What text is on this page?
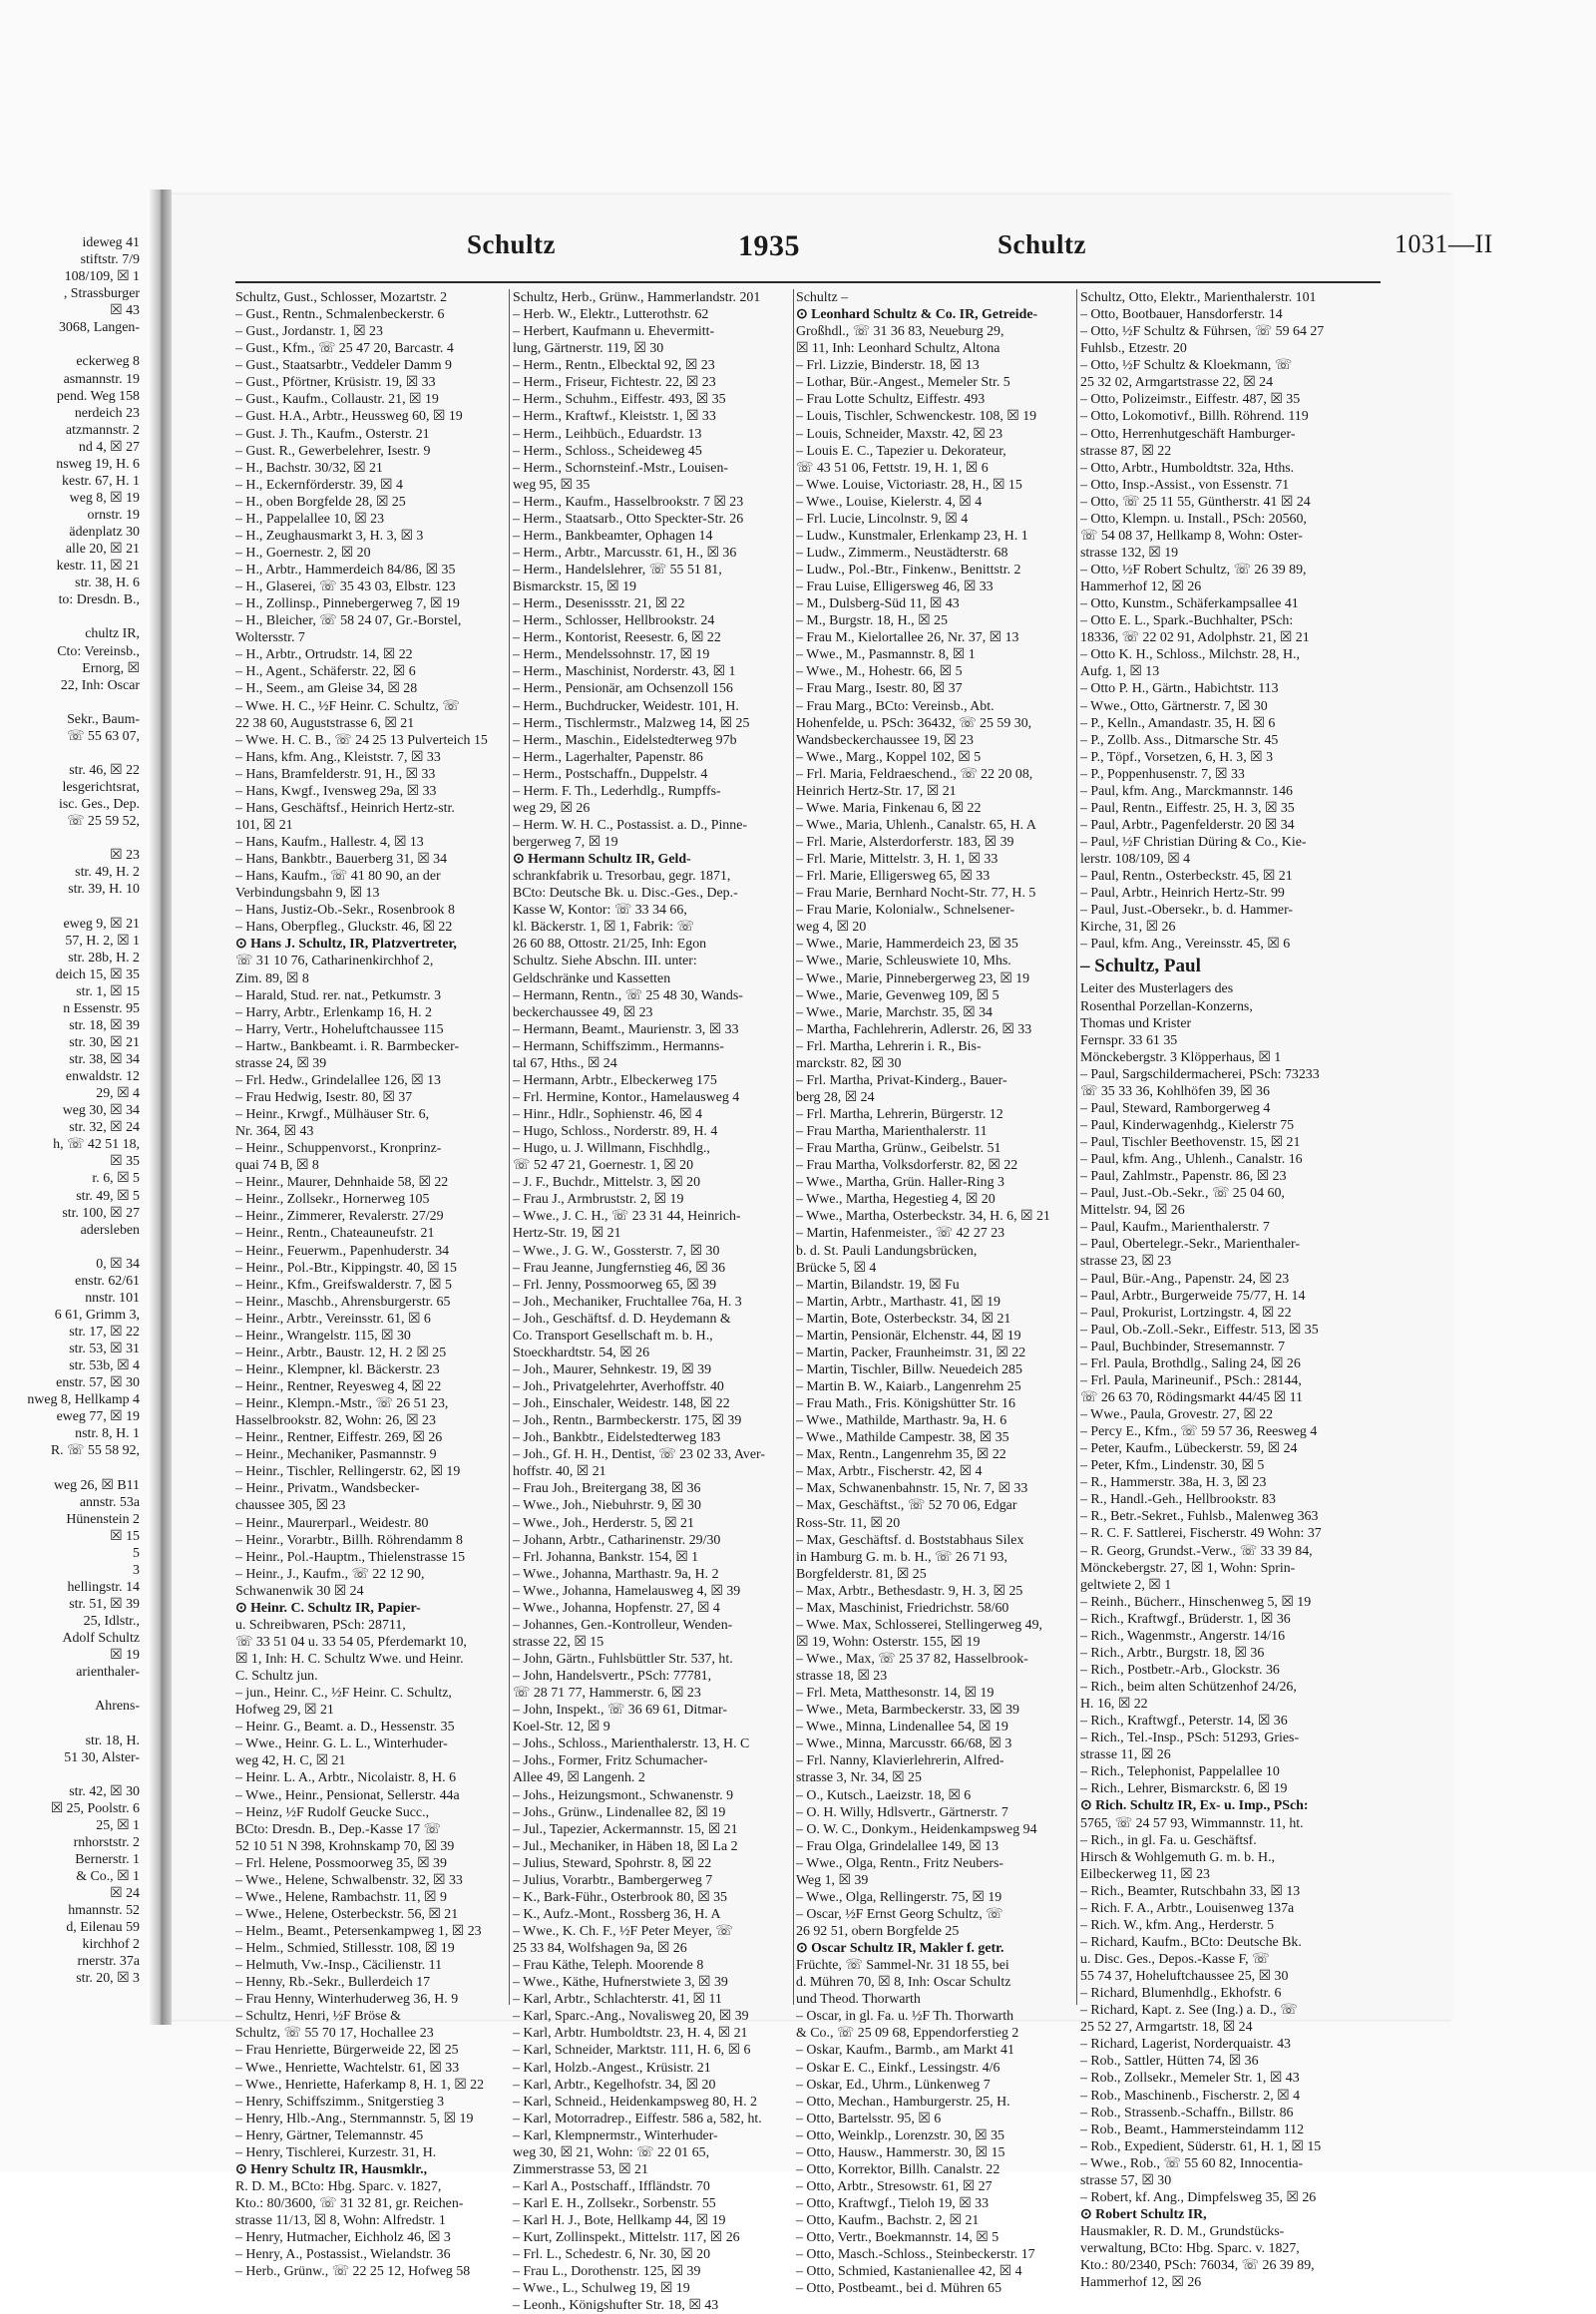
ideweg 41
stiftstr. 7/9
108/109, ☒ 1
, Strassburger
☒ 43
3068, Langen-

eckerweg 8
asmannstr. 19
pend. Weg 158
nerdeich 23
atzmannstr. 2
nd 4, ☒ 27
nsweg 19, H. 6
kestr. 67, H. 1
weg 8, ☒ 19
ornstr. 19
ädenplatz 30
alle 20, ☒ 21
kestr. 11, ☒ 21
str. 38, H. 6
to: Dresdn. B.,

chultz IR,
Cto: Vereinsb.,
Ernorg, ☒
22, Inh: Oscar

Sekr., Baum-
☏ 55 63 07,

str. 46, ☒ 22
lesgerichtsrat,
isc. Ges., Dep.
☏ 25 59 52,

☒ 23
str. 49, H. 2
str. 39, H. 10

eweg 9, ☒ 21
57, H. 2, ☒ 1
str. 28b, H. 2
deich 15, ☒ 35
str. 1, ☒ 15
n Essenstr. 95
str. 18, ☒ 39
str. 30, ☒ 21
str. 38, ☒ 34
enwaldstr. 12
29, ☒ 4
weg 30, ☒ 34
str. 32, ☒ 24
h, ☏ 42 51 18,
☒ 35
r. 6, ☒ 5
str. 49, ☒ 5
str. 100, ☒ 27
adersleben

0, ☒ 34
enstr. 62/61
nnstr. 101
6 61, Grimm 3,
str. 17, ☒ 22
str. 53, ☒ 31
str. 53b, ☒ 4
enstr. 57, ☒ 30
nweg 8, Hellkamp 4
eweg 77, ☒ 19
nstr. 8, H. 1
R. ☏ 55 58 92,

weg 26, ☒ B11
annstr. 53a
Hünenstein 2
☒ 15
5
3
hellingstr. 14
str. 51, ☒ 39
25, Idlstr.,
Adolf Schultz
☒ 19
arienthaler-

Ahrens-

str. 18, H.
51 30, Alster-

str. 42, ☒ 30
☒ 25, Poolstr. 6
25, ☒ 1
rnhorststr. 2
Bernerstr. 1
& Co., ☒ 1
☒ 24
hmannstr. 52
d, Eilenau 59
kirchhof 2
rnerstr. 37a
str. 20, ☒ 3
Schultz	1935	Schultz	1031—II
Schultz, Gust., Schlosser, Mozartstr. 2
– Gust., Rentn., Schmalenbeckerstr. 6
– Gust., Jordanstr. 1, ☒ 23
– Gust., Kfm., ☏ 25 47 20, Barcastr. 4
– Gust., Staatsarbtr., Veddeler Damm 9
– Gust., Pförtner, Krüsistr. 19, ☒ 33
– Gust., Kaufm., Collaustr. 21, ☒ 19
– Gust. H.A., Arbtr., Heussweg 60, ☒ 19
– Gust. J. Th., Kaufm., Osterstr. 21
– Gust. R., Gewerbelehrer, Isestr. 9
– H., Bachstr. 30/32, ☒ 21
– H., Eckernförderstr. 39, ☒ 4
– H., oben Borgfelde 28, ☒ 25
– H., Pappelallee 10, ☒ 23
– H., Zeughausmarkt 3, H. 3, ☒ 3
– H., Goernestr. 2, ☒ 20
– H., Arbtr., Hammerdeich 84/86, ☒ 35
– H., Glaserei, ☏ 35 43 03, Elbstr. 123
– H., Zollinsp., Pinnebergerweg 7, ☒ 19
– H., Bleicher, ☏ 58 24 07, Gr.-Borstel,
Woltersstr. 7
– H., Arbtr., Ortrudstr. 14, ☒ 22
– H., Agent., Schäferstr. 22, ☒ 6
– H., Seem., am Gleise 34, ☒ 28
– Wwe. H. C., ½F Heinr. C. Schultz, ☏
22 38 60, Auguststrasse 6, ☒ 21
– Wwe. H. C. B., ☏ 24 25 13 Pulverteich 15
– Hans, kfm. Ang., Kleiststr. 7, ☒ 33
– Hans, Bramfelderstr. 91, H., ☒ 33
– Hans, Kwgf., Ivensweg 29a, ☒ 33
– Hans, Geschäftsf., Heinrich Hertz-str.
101, ☒ 21
– Hans, Kaufm., Hallestr. 4, ☒ 13
– Hans, Bankbtr., Bauerberg 31, ☒ 34
– Hans, Kaufm., ☏ 41 80 90, an der
Verbindungsbahn 9, ☒ 13
– Hans, Justiz-Ob.-Sekr., Rosenbrook 8
– Hans, Oberpfleg., Gluckstr. 46, ☒ 22
⊙ Hans J. Schultz, IR, Platzvertreter,
☏ 31 10 76, Catharinenkirchhof 2,
Zim. 89, ☒ 8
– Harald, Stud. rer. nat., Petkumstr. 3
– Harry, Arbtr., Erlenkamp 16, H. 2
– Harry, Vertr., Hoheluftchaussee 115
– Hartw., Bankbeamt. i. R. Barmbecker-
strasse 24, ☒ 39
– Frl. Hedw., Grindelallee 126, ☒ 13
– Frau Hedwig, Isestr. 80, ☒ 37
– Heinr., Krwgf., Mülhäuser Str. 6,
Nr. 364, ☒ 43
– Heinr., Schuppenvorst., Kronprinz-
quai 74 B, ☒ 8
– Heinr., Maurer, Dehnhaide 58, ☒ 22
– Heinr., Zollsekr., Hornerweg 105
– Heinr., Zimmerer, Revalerstr. 27/29
– Heinr., Rentn., Chateauneufstr. 21
– Heinr., Feuerwm., Papenhuderstr. 34
– Heinr., Pol.-Btr., Kippingstr. 40, ☒ 15
– Heinr., Kfm., Greifswalderstr. 7, ☒ 5
– Heinr., Maschb., Ahrensburgerstr. 65
– Heinr., Arbtr., Vereinsstr. 61, ☒ 6
– Heinr., Wrangelstr. 115, ☒ 30
– Heinr., Arbtr., Baustr. 12, H. 2 ☒ 25
– Heinr., Klempner, kl. Bäckerstr. 23
– Heinr., Rentner, Reyesweg 4, ☒ 22
– Heinr., Klempn.-Mstr., ☏ 26 51 23,
Hasselbrookstr. 82, Wohn: 26, ☒ 23
– Heinr., Rentner, Eiffestr. 269, ☒ 26
– Heinr., Mechaniker, Pasmannstr. 9
– Heinr., Tischler, Rellingerstr. 62, ☒ 19
– Heinr., Privatm., Wandsbecker-
chaussee 305, ☒ 23
– Heinr., Maurerparl., Weidestr. 80
– Heinr., Vorarbtr., Billh. Röhrendamm 8
– Heinr., Pol.-Hauptm., Thielenstrasse 15
– Heinr., J., Kaufm., ☏ 22 12 90,
Schwanenwik 30 ☒ 24
⊙ Heinr. C. Schultz IR, Papier-
u. Schreibwaren, PSch: 28711,
☏ 33 51 04 u. 33 54 05, Pferdemarkt 10,
☒ 1, Inh: H. C. Schultz Wwe. und Heinr.
C. Schultz jun.
– jun., Heinr. C., ½F Heinr. C. Schultz,
Hofweg 29, ☒ 21
– Heinr. G., Beamt. a. D., Hessenstr. 35
– Wwe., Heinr. G. L. L., Winterhuder-
weg 42, H. C, ☒ 21
– Heinr. L. A., Arbtr., Nicolaistr. 8, H. 6
– Wwe., Heinr., Pensionat, Sellerstr. 44a
– Heinz, ½F Rudolf Geucke Succ.,
BCto: Dresdn. B., Dep.-Kasse 17 ☏
52 10 51 N 398, Krohnskamp 70, ☒ 39
– Frl. Helene, Possmoorweg 35, ☒ 39
– Wwe., Helene, Schwalbenstr. 32, ☒ 33
– Wwe., Helene, Rambachstr. 11, ☒ 9
– Wwe., Helene, Osterbeckstr. 56, ☒ 21
– Helm., Beamt., Petersenkampweg 1, ☒ 23
– Helm., Schmied, Stillesstr. 108, ☒ 19
– Helmuth, Vw.-Insp., Cäcilienstr. 11
– Henny, Rb.-Sekr., Bullerdeich 17
– Frau Henny, Winterhuderweg 36, H. 9
– Schultz, Henri, ½F Bröse &
Schultz, ☏ 55 70 17, Hochallee 23
– Frau Henriette, Bürgerweide 22, ☒ 25
– Wwe., Henriette, Wachtelstr. 61, ☒ 33
– Wwe., Henriette, Haferkamp 8, H. 1, ☒ 22
– Henry, Schiffszimm., Snitgerstieg 3
– Henry, Hlb.-Ang., Sternmannstr. 5, ☒ 19
– Henry, Gärtner, Telemannstr. 45
– Henry, Tischlerei, Kurzestr. 31, H.
⊙ Henry Schultz IR, Hausmklr.,
R. D. M., BCto: Hbg. Sparc. v. 1827,
Kto.: 80/3600, ☏ 31 32 81, gr. Reichen-
strasse 11/13, ☒ 8, Wohn: Alfredstr. 1
– Henry, Hutmacher, Eichholz 46, ☒ 3
– Henry, A., Postassist., Wielandstr. 36
– Herb., Grünw., ☏ 22 25 12, Hofweg 58
Schultz, Herb., Grünw., Hammerlandstr. 201
– Herb. W., Elektr., Lutterothstr. 62
– Herbert, Kaufmann u. Ehevermitt-
lung, Gärtnerstr. 119, ☒ 30
– Herm., Rentn., Elbecktal 92, ☒ 23
– Herm., Friseur, Fichtestr. 22, ☒ 23
– Herm., Schuhm., Eiffestr. 493, ☒ 35
– Herm., Kraftwf., Kleiststr. 1, ☒ 33
– Herm., Leihbüch., Eduardstr. 13
– Herm., Schloss., Scheideweg 45
– Herm., Schornsteinf.-Mstr., Louisen-
weg 95, ☒ 35
– Herm., Kaufm., Hasselbrookstr. 7 ☒ 23
– Herm., Staatsarb., Otto Speckter-Str. 26
– Herm., Bankbeamter, Ophagen 14
– Herm., Arbtr., Marcusstr. 61, H., ☒ 36
– Herm., Handelslehrer, ☏ 55 51 81,
Bismarckstr. 15, ☒ 19
– Herm., Desenissstr. 21, ☒ 22
– Herm., Schlosser, Hellbrookstr. 24
– Herm., Kontorist, Reesestr. 6, ☒ 22
– Herm., Mendelssohnstr. 17, ☒ 19
– Herm., Maschinist, Norderstr. 43, ☒ 1
– Herm., Pensionär, am Ochsenzoll 156
– Herm., Buchdrucker, Weidestr. 101, H.
– Herm., Tischlermstr., Malzweg 14, ☒ 25
– Herm., Maschin., Eidelstedterweg 97b
– Herm., Lagerhalter, Papenstr. 86
– Herm., Postschaffn., Duppelstr. 4
– Herm. F. Th., Lederhdlg., Rumpffs-
weg 29, ☒ 26
– Herm. W. H. C., Postassist. a. D., Pinne-
bergerweg 7, ☒ 19
⊙ Hermann Schultz IR, Geld-
schrankfabrik u. Tresorbau, gegr. 1871,
BCto: Deutsche Bk. u. Disc.-Ges., Dep.-
Kasse W, Kontor: ☏ 33 34 66,
kl. Bäckerstr. 1, ☒ 1, Fabrik: ☏
26 60 88, Ottostr. 21/25, Inh: Egon
Schultz. Siehe Abschn. III. unter:
Geldschränke und Kassetten
– Hermann, Rentn., ☏ 25 48 30, Wands-
beckerchaussee 49, ☒ 23
– Hermann, Beamt., Maurienstr. 3, ☒ 33
– Hermann, Schiffszimm., Hermanns-
tal 67, Hths., ☒ 24
– Hermann, Arbtr., Elbeckerweg 175
– Frl. Hermine, Kontor., Hamelausweg 4
– Hinr., Hdlr., Sophienstr. 46, ☒ 4
– Hugo, Schloss., Norderstr. 89, H. 4
– Hugo, u. J. Willmann, Fischhdlg.,
☏ 52 47 21, Goernestr. 1, ☒ 20
– J. F., Buchdr., Mittelstr. 3, ☒ 20
– Frau J., Armbruststr. 2, ☒ 19
– Wwe., J. C. H., ☏ 23 31 44, Heinrich-
Hertz-Str. 19, ☒ 21
– Wwe., J. G. W., Gossterstr. 7, ☒ 30
– Frau Jeanne, Jungfernstieg 46, ☒ 36
– Frl. Jenny, Possmoorweg 65, ☒ 39
– Joh., Mechaniker, Fruchtallee 76a, H. 3
– Joh., Geschäftsf. d. D. Heydemann &
Co. Transport Gesellschaft m. b. H.,
Stoeckhardtstr. 54, ☒ 26
– Joh., Maurer, Sehnkestr. 19, ☒ 39
– Joh., Privatgelehrter, Averhoffstr. 40
– Joh., Einschaler, Weidestr. 148, ☒ 22
– Joh., Rentn., Barmbeckerstr. 175, ☒ 39
– Joh., Bankbtr., Eidelstedterweg 183
– Joh., Gf. H. H., Dentist, ☏ 23 02 33, Aver-
hoffstr. 40, ☒ 21
– Frau Joh., Breitergang 38, ☒ 36
– Wwe., Joh., Niebuhrstr. 9, ☒ 30
– Wwe., Joh., Herderstr. 5, ☒ 21
– Johann, Arbtr., Catharinenstr. 29/30
– Frl. Johanna, Bankstr. 154, ☒ 1
– Wwe., Johanna, Marthastr. 9a, H. 2
– Wwe., Johanna, Hamelausweg 4, ☒ 39
– Wwe., Johanna, Hopfenstr. 27, ☒ 4
– Johannes, Gen.-Kontrolleur, Wenden-
strasse 22, ☒ 15
– John, Gärtn., Fuhlsbüttler Str. 537, ht.
– John, Handelsvertr., PSch: 77781,
☏ 28 71 77, Hammerstr. 6, ☒ 23
– John, Inspekt., ☏ 36 69 61, Ditmar-
Koel-Str. 12, ☒ 9
– Johs., Schloss., Marienthalerstr. 13, H. C
– Johs., Former, Fritz Schumacher-
Allee 49, ☒ Langenh. 2
– Johs., Heizungsmont., Schwanenstr. 9
– Johs., Grünw., Lindenallee 82, ☒ 19
– Jul., Tapezier, Ackermannstr. 15, ☒ 21
– Jul., Mechaniker, in Häben 18, ☒ La 2
– Julius, Steward, Spohrstr. 8, ☒ 22
– Julius, Vorarbtr., Bambergerweg 7
– K., Bark-Führ., Osterbrook 80, ☒ 35
– K., Aufz.-Mont., Rossberg 36, H. A
– Wwe., K. Ch. F., ½F Peter Meyer, ☏
25 33 84, Wolfshagen 9a, ☒ 26
– Frau Käthe, Teleph. Moorende 8
– Wwe., Käthe, Hufnerstwiete 3, ☒ 39
– Karl, Arbtr., Schlachterstr. 41, ☒ 11
– Karl, Sparc.-Ang., Novalisweg 20, ☒ 39
– Karl, Arbtr. Humboldtstr. 23, H. 4, ☒ 21
– Karl, Schneider, Marktstr. 111, H. 6, ☒ 6
– Karl, Holzb.-Angest., Krüsistr. 21
– Karl, Arbtr., Kegelhofstr. 34, ☒ 20
– Karl, Schneid., Heidenkampsweg 80, H. 2
– Karl, Motorradrep., Eiffestr. 586 a, 582, ht.
– Karl, Klempnermstr., Winterhuder-
weg 30, ☒ 21, Wohn: ☏ 22 01 65,
Zimmerstrasse 53, ☒ 21
– Karl A., Postschaff., Iffländstr. 70
– Karl E. H., Zollsekr., Sorbenstr. 55
– Karl H. J., Bote, Hellkamp 44, ☒ 19
– Kurt, Zollinspekt., Mittelstr. 117, ☒ 26
– Frl. L., Schedestr. 6, Nr. 30, ☒ 20
– Frau L., Dorothenstr. 125, ☒ 39
– Wwe., L., Schulweg 19, ☒ 19
– Leonh., Königshufter Str. 18, ☒ 43
Schultz –
⊙ Leonhard Schultz & Co. IR, Getreide-
Großhdl., ☏ 31 36 83, Neueburg 29,
☒ 11, Inh: Leonhard Schultz, Altona
– Frl. Lizzie, Binderstr. 18, ☒ 13
– Lothar, Bür.-Angest., Memeler Str. 5
– Frau Lotte Schultz, Eiffestr. 493
– Louis, Tischler, Schwenckestr. 108, ☒ 19
– Louis, Schneider, Maxstr. 42, ☒ 23
– Louis E. C., Tapezier u. Dekorateur,
☏ 43 51 06, Fettstr. 19, H. 1, ☒ 6
– Wwe. Louise, Victoriastr. 28, H., ☒ 15
– Wwe., Louise, Kielerstr. 4, ☒ 4
– Frl. Lucie, Lincolnstr. 9, ☒ 4
– Ludw., Kunstmaler, Erlenkamp 23, H. 1
– Ludw., Zimmerm., Neustädterstr. 68
– Ludw., Pol.-Btr., Finkenw., Benittstr. 2
– Frau Luise, Elligersweg 46, ☒ 33
– M., Dulsberg-Süd 11, ☒ 43
– M., Burgstr. 18, H., ☒ 25
– Frau M., Kielortallee 26, Nr. 37, ☒ 13
– Wwe., M., Pasmannstr. 8, ☒ 1
– Wwe., M., Hohestr. 66, ☒ 5
– Frau Marg., Isestr. 80, ☒ 37
– Frau Marg., BCto: Vereinsb., Abt.
Hohenfelde, u. PSch: 36432, ☏ 25 59 30,
Wandsbeckerchaussee 19, ☒ 23
– Wwe., Marg., Koppel 102, ☒ 5
– Frl. Maria, Feldraeschend., ☏ 22 20 08,
Heinrich Hertz-Str. 17, ☒ 21
– Wwe. Maria, Finkenau 6, ☒ 22
– Wwe., Maria, Uhlenh., Canalstr. 65, H. A
– Frl. Marie, Alsterdorferstr. 183, ☒ 39
– Frl. Marie, Mittelstr. 3, H. 1, ☒ 33
– Frl. Marie, Elligersweg 65, ☒ 33
– Frau Marie, Bernhard Nocht-Str. 77, H. 5
– Frau Marie, Kolonialw., Schnelsener-
weg 4, ☒ 20
– Wwe., Marie, Hammerdeich 23, ☒ 35
– Wwe., Marie, Schleuswiete 10, Mhs.
– Wwe., Marie, Pinnebergerweg 23, ☒ 19
– Wwe., Marie, Gevenweg 109, ☒ 5
– Wwe., Marie, Marchstr. 35, ☒ 34
– Martha, Fachlehrerin, Adlerstr. 26, ☒ 33
– Frl. Martha, Lehrerin i. R., Bis-
marckstr. 82, ☒ 30
– Frl. Martha, Privat-Kinderg., Bauer-
berg 28, ☒ 24
– Frl. Martha, Lehrerin, Bürgerstr. 12
– Frau Martha, Marienthalerstr. 11
– Frau Martha, Grünw., Geibelstr. 51
– Frau Martha, Volksdorferstr. 82, ☒ 22
– Wwe., Martha, Grün. Haller-Ring 3
– Wwe., Martha, Hegestieg 4, ☒ 20
– Wwe., Martha, Osterbeckstr. 34, H. 6, ☒ 21
– Martin, Hafenmeister., ☏ 42 27 23
b. d. St. Pauli Landungsbrücken,
Brücke 5, ☒ 4
– Martin, Bilandstr. 19, ☒ Fu
– Martin, Arbtr., Marthastr. 41, ☒ 19
– Martin, Bote, Osterbeckstr. 34, ☒ 21
– Martin, Pensionär, Elchenstr. 44, ☒ 19
– Martin, Packer, Fraunheimstr. 31, ☒ 22
– Martin, Tischler, Billw. Neuedeich 285
– Martin B. W., Kaiarb., Langenrehm 25
– Frau Math., Fris. Königshütter Str. 16
– Wwe., Mathilde, Marthastr. 9a, H. 6
– Wwe., Mathilde Campestr. 38, ☒ 35
– Max, Rentn., Langenrehm 35, ☒ 22
– Max, Arbtr., Fischerstr. 42, ☒ 4
– Max, Schwanenbahnstr. 15, Nr. 7, ☒ 33
– Max, Geschäftst., ☏ 52 70 06, Edgar
Ross-Str. 11, ☒ 20
– Max, Geschäftsf. d. Boststabhaus Silex
in Hamburg G. m. b. H., ☏ 26 71 93,
Borgfelderstr. 81, ☒ 25
– Max, Arbtr., Bethesdastr. 9, H. 3, ☒ 25
– Max, Maschinist, Friedrichstr. 58/60
– Wwe. Max, Schlosserei, Stellingerweg 49,
☒ 19, Wohn: Osterstr. 155, ☒ 19
– Wwe., Max, ☏ 25 37 82, Hasselbrook-
strasse 18, ☒ 23
– Frl. Meta, Matthesonstr. 14, ☒ 19
– Wwe., Meta, Barmbeckerstr. 33, ☒ 39
– Wwe., Minna, Lindenallee 54, ☒ 19
– Wwe., Minna, Marcusstr. 66/68, ☒ 3
– Frl. Nanny, Klavierlehrerin, Alfred-
strasse 3, Nr. 34, ☒ 25
– O., Kutsch., Laeizstr. 18, ☒ 6
– O. H. Willy, Hdlsvertr., Gärtnerstr. 7
– O. W. C., Donkym., Heidenkampsweg 94
– Frau Olga, Grindelallee 149, ☒ 13
– Wwe., Olga, Rentn., Fritz Neubers-
Weg 1, ☒ 39
– Wwe., Olga, Rellingerstr. 75, ☒ 19
– Oscar, ½F Ernst Georg Schultz, ☏
26 92 51, obern Borgfelde 25
⊙ Oscar Schultz IR, Makler f. getr.
Früchte, ☏ Sammel-Nr. 31 18 55, bei
d. Mühren 70, ☒ 8, Inh: Oscar Schultz
und Theod. Thorwarth
– Oscar, in gl. Fa. u. ½F Th. Thorwarth
& Co., ☏ 25 09 68, Eppendorferstieg 2
– Oskar, Kaufm., Barmb., am Markt 41
– Oskar E. C., Einkf., Lessingstr. 4/6
– Oskar, Ed., Uhrm., Lünkenweg 7
– Otto, Mechan., Hamburgerstr. 25, H.
– Otto, Bartelsstr. 95, ☒ 6
– Otto, Weinklp., Lorenzstr. 30, ☒ 35
– Otto, Hausw., Hammerstr. 30, ☒ 15
– Otto, Korrektor, Billh. Canalstr. 22
– Otto, Arbtr., Stresowstr. 61, ☒ 27
– Otto, Kraftwgf., Tieloh 19, ☒ 33
– Otto, Kaufm., Bachstr. 2, ☒ 21
– Otto, Vertr., Boekmannstr. 14, ☒ 5
– Otto, Masch.-Schloss., Steinbeckerstr. 17
– Otto, Schmied, Kastanienallee 42, ☒ 4
– Otto, Postbeamt., bei d. Mühren 65
Schultz, Otto, Elektr., Marienthalerstr. 101
– Otto, Bootbauer, Hansdorferstr. 14
– Otto, ½F Schultz & Führsen, ☏ 59 64 27
Fuhlsb., Etzestr. 20
– Otto, ½F Schultz & Kloekmann, ☏
25 32 02, Armgartstrasse 22, ☒ 24
– Otto, Polizeimstr., Eiffestr. 487, ☒ 35
– Otto, Lokomotivf., Billh. Röhrend. 119
– Otto, Herrenhutgeschäft Hamburger-
strasse 87, ☒ 22
– Otto, Arbtr., Humboldtstr. 32a, Hths.
– Otto, Insp.-Assist., von Essenstr. 71
– Otto, ☏ 25 11 55, Güntherstr. 41 ☒ 24
– Otto, Klempn. u. Install., PSch: 20560,
☏ 54 08 37, Hellkamp 8, Wohn: Oster-
strasse 132, ☒ 19
– Otto, ½F Robert Schultz, ☏ 26 39 89,
Hammerhof 12, ☒ 26
– Otto, Kunstm., Schäferkampsallee 41
– Otto E. L., Spark.-Buchhalter, PSch:
18336, ☏ 22 02 91, Adolphstr. 21, ☒ 21
– Otto K. H., Schloss., Milchstr. 28, H.,
Aufg. 1, ☒ 13
– Otto P. H., Gärtn., Habichtstr. 113
– Wwe., Otto, Gärtnerstr. 7, ☒ 30
– P., Kelln., Amandastr. 35, H. ☒ 6
– P., Zollb. Ass., Ditmarsche Str. 45
– P., Töpf., Vorsetzen, 6, H. 3, ☒ 3
– P., Poppenhusenstr. 7, ☒ 33
– Paul, kfm. Ang., Marckmannstr. 146
– Paul, Rentn., Eiffestr. 25, H. 3, ☒ 35
– Paul, Arbtr., Pagenfelderstr. 20 ☒ 34
– Paul, ½F Christian Düring & Co., Kie-
lerstr. 108/109, ☒ 4
– Paul, Rentn., Osterbeckstr. 45, ☒ 21
– Paul, Arbtr., Heinrich Hertz-Str. 99
– Paul, Just.-Obersekr., b. d. Hammer-
Kirche, 31, ☒ 26
– Paul, kfm. Ang., Vereinsstr. 45, ☒ 6
– Schultz, Paul
Leiter des Musterlagers des
Rosenthal Porzellan-Konzerns,
Thomas und Krister
Fernspr. 33 61 35
Mönckebergstr. 3 Klöpperhaus, ☒ 1
– Paul, Sargschildermacherei, PSch: 73233
☏ 35 33 36, Kohlhöfen 39, ☒ 36
– Paul, Steward, Ramborgerweg 4
– Paul, Kinderwagenhdg., Kielerstr 75
– Paul, Tischler Beethovenstr. 15, ☒ 21
– Paul, kfm. Ang., Uhlenh., Canalstr. 16
– Paul, Zahlmstr., Papenstr. 86, ☒ 23
– Paul, Just.-Ob.-Sekr., ☏ 25 04 60,
Mittelstr. 94, ☒ 26
– Paul, Kaufm., Marienthalerstr. 7
– Paul, Obertelegr.-Sekr., Marienthaler-
strasse 23, ☒ 23
– Paul, Bür.-Ang., Papenstr. 24, ☒ 23
– Paul, Arbtr., Burgerweide 75/77, H. 14
– Paul, Prokurist, Lortzingstr. 4, ☒ 22
– Paul, Ob.-Zoll.-Sekr., Eiffestr. 513, ☒ 35
– Paul, Buchbinder, Stresemannstr. 7
– Frl. Paula, Brothdlg., Saling 24, ☒ 26
– Frl. Paula, Marineunif., PSch.: 28144,
☏ 26 63 70, Rödingsmarkt 44/45 ☒ 11
– Wwe., Paula, Grovestr. 27, ☒ 22
– Percy E., Kfm., ☏ 59 57 36, Reesweg 4
– Peter, Kaufm., Lübeckerstr. 59, ☒ 24
– Peter, Kfm., Lindenstr. 30, ☒ 5
– R., Hammerstr. 38a, H. 3, ☒ 23
– R., Handl.-Geh., Hellbrookstr. 83
– R., Betr.-Sekret., Fuhlsb., Malenweg 363
– R. C. F. Sattlerei, Fischerstr. 49 Wohn: 37
– R. Georg, Grundst.-Verw., ☏ 33 39 84,
Mönckebergstr. 27, ☒ 1, Wohn: Sprin-
geltwiete 2, ☒ 1
– Reinh., Bücherr., Hinschenweg 5, ☒ 19
– Rich., Kraftwgf., Brüderstr. 1, ☒ 36
– Rich., Wagenmstr., Angerstr. 14/16
– Rich., Arbtr., Burgstr. 18, ☒ 36
– Rich., Postbetr.-Arb., Glockstr. 36
– Rich., beim alten Schützenhof 24/26,
H. 16, ☒ 22
– Rich., Kraftwgf., Peterstr. 14, ☒ 36
– Rich., Tel.-Insp., PSch: 51293, Gries-
strasse 11, ☒ 26
– Rich., Telephonist, Pappelallee 10
– Rich., Lehrer, Bismarckstr. 6, ☒ 19
⊙ Rich. Schultz IR, Ex- u. Imp., PSch:
5765, ☏ 24 57 93, Wimmannstr. 11, ht.
– Rich., in gl. Fa. u. Geschäftsf.
Hirsch & Wohlgemuth G. m. b. H.,
Eilbeckerweg 11, ☒ 23
– Rich., Beamter, Rutschbahn 33, ☒ 13
– Rich. F. A., Arbtr., Louisenweg 137a
– Rich. W., kfm. Ang., Herderstr. 5
– Richard, Kaufm., BCto: Deutsche Bk.
u. Disc. Ges., Depos.-Kasse F, ☏
55 74 37, Hoheluftchaussee 25, ☒ 30
– Richard, Blumenhdlg., Ekhofstr. 6
– Richard, Kapt. z. See (Ing.) a. D., ☏
25 52 27, Armgartstr. 18, ☒ 24
– Richard, Lagerist, Norderquaistr. 43
– Rob., Sattler, Hütten 74, ☒ 36
– Rob., Zollsekr., Memeler Str. 1, ☒ 43
– Rob., Maschinenb., Fischerstr. 2, ☒ 4
– Rob., Strassenb.-Schaffn., Billstr. 86
– Rob., Beamt., Hammersteindamm 112
– Rob., Expedient, Süderstr. 61, H. 1, ☒ 15
– Wwe., Rob., ☏ 55 60 82, Innocentia-
strasse 57, ☒ 30
– Robert, kf. Ang., Dimpfelsweg 35, ☒ 26
⊙ Robert Schultz IR,
Hausmakler, R. D. M., Grundstücks-
verwaltung, BCto: Hbg. Sparc. v. 1827,
Kto.: 80/2340, PSch: 76034, ☏ 26 39 89,
Hammerhof 12, ☒ 26
